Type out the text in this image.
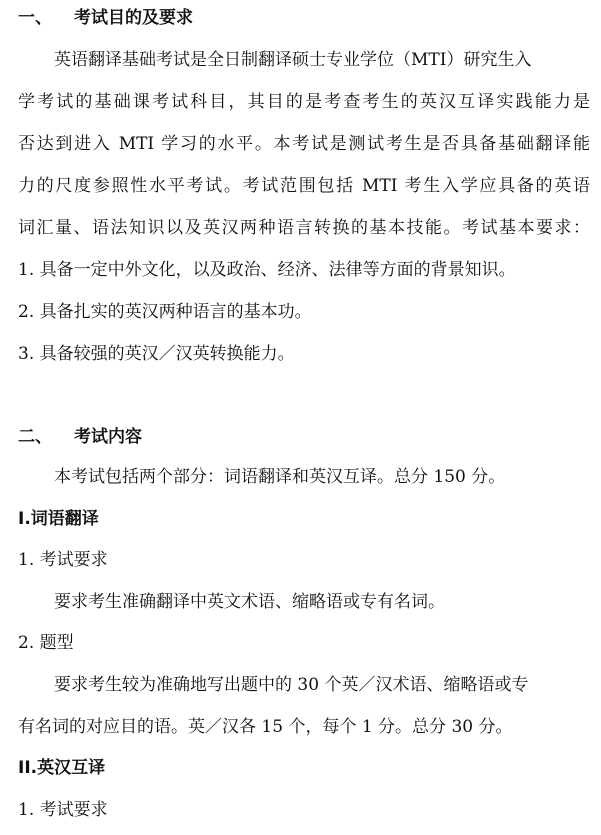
一、 考试目的及要求
英语翻译基础考试是全日制翻译硕士专业学位（MTI）研究生入
学考试的基础课考试科目，其目的是考查考生的英汉互译实践能力是
否达到进入 MTI 学习的水平。本考试是测试考生是否具备基础翻译能
力的尺度参照性水平考试。考试范围包括 MTI 考生入学应具备的英语
词汇量、语法知识以及英汉两种语言转换的基本技能。考试基本要求：
1. 具备一定中外文化，以及政治、经济、法律等方面的背景知识。
2. 具备扎实的英汉两种语言的基本功。
3. 具备较强的英汉／汉英转换能力。
二、 考试内容
本考试包括两个部分：词语翻译和英汉互译。总分 150 分。
I.词语翻译
1. 考试要求
要求考生准确翻译中英文术语、缩略语或专有名词。
2. 题型
要求考生较为准确地写出题中的 30 个英／汉术语、缩略语或专
有名词的对应目的语。英／汉各 15 个，每个 1 分。总分 30 分。
II.英汉互译
1. 考试要求
